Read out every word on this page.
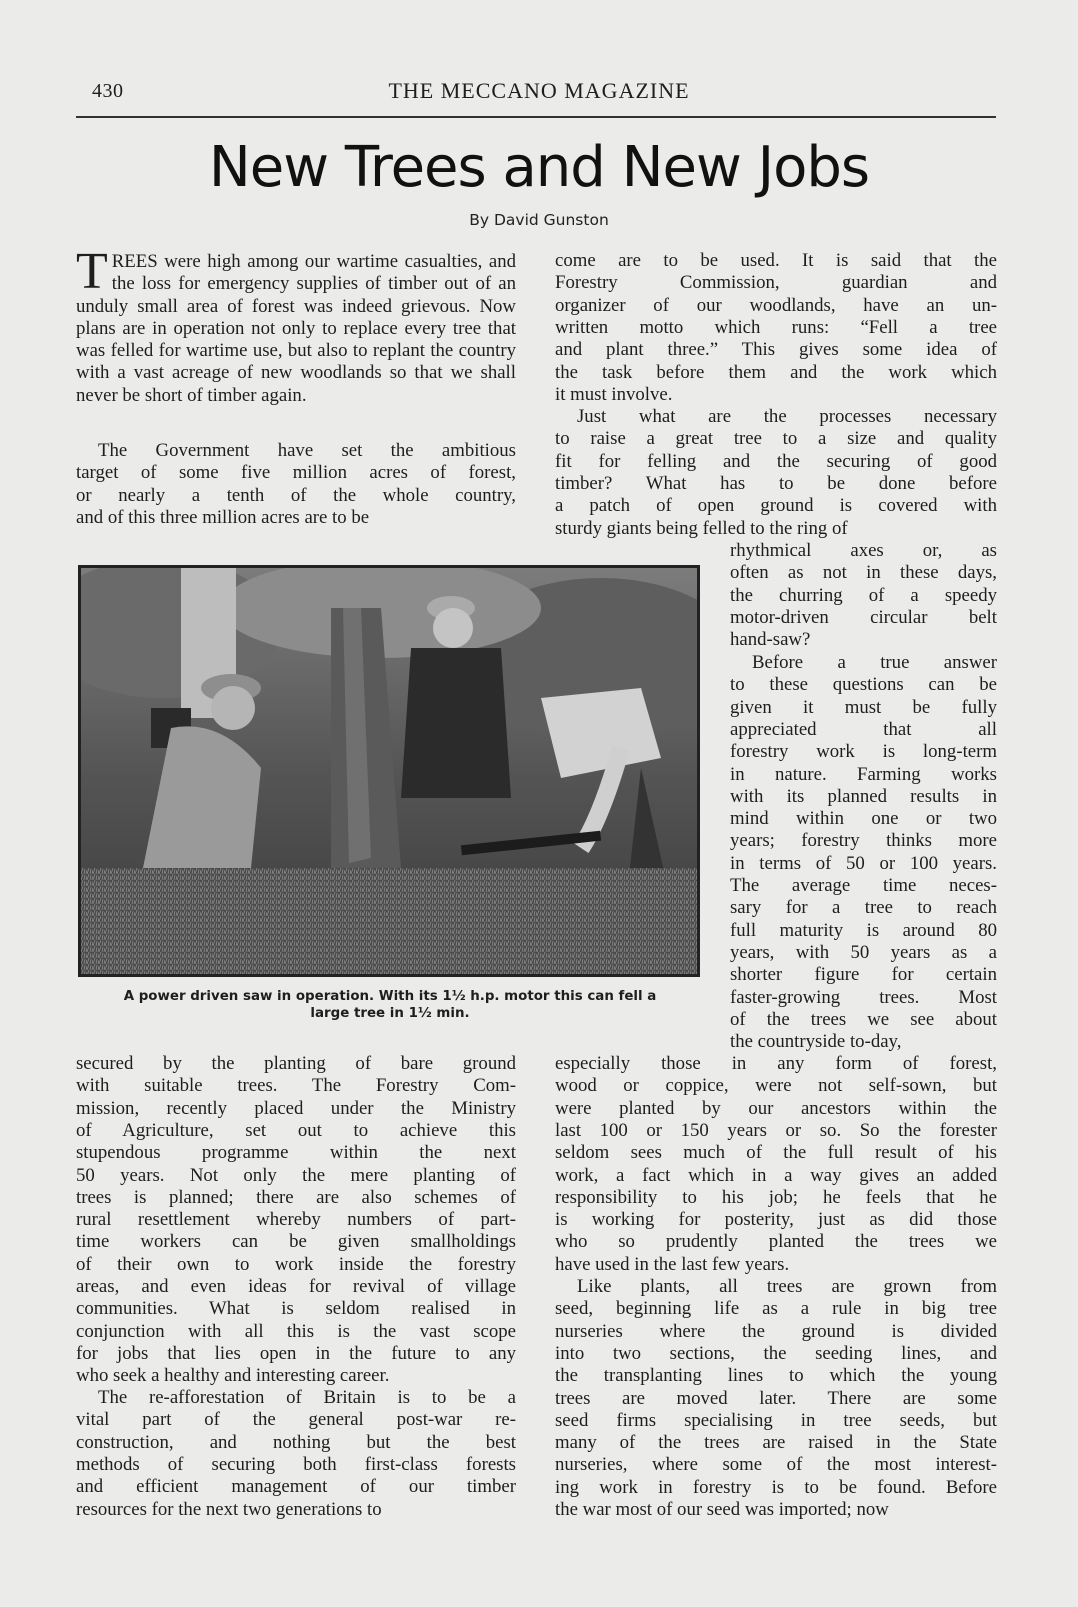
430	THE MECCANO MAGAZINE
New Trees and New Jobs
By David Gunston
T REES were high among our wartime casualties, and the loss for emergency supplies of timber out of an unduly small area of forest was indeed grievous. Now plans are in operation not only to replace every tree that was felled for wartime use, but also to replant the country with a vast acreage of new woodlands so that we shall never be short of timber again.

The Government have set the ambitious

target of some five million acres of forest,

or nearly a tenth of the whole country,

and of this three million acres are to be

come are to be used. It is said that the

Forestry Commission, guardian and

organizer of our woodlands, have an un-

written motto which runs: “Fell a tree

and plant three.” This gives some idea of

the task before them and the work which

it must involve.

Just what are the processes necessary

to raise a great tree to a size and quality

fit for felling and the securing of good

timber? What has to be done before

a patch of open ground is covered with

sturdy giants being felled to the ring of

rhythmical axes or, as

often as not in these days,

the churring of a speedy

motor-driven circular belt

hand-saw?

Before a true answer

to these questions can be

given it must be fully

appreciated that all

forestry work is long-term

in nature. Farming works

with its planned results in

mind within one or two

years; forestry thinks more

in terms of 50 or 100 years.

The average time neces-

sary for a tree to reach

full maturity is around 80

years, with 50 years as a

shorter figure for certain

faster-growing trees. Most

of the trees we see about

the countryside to-day,

A power driven saw in operation. With its 1½ h.p. motor this can fell a
large tree in 1½ min.

secured by the planting of bare ground

with suitable trees. The Forestry Com-

mission, recently placed under the Ministry

of Agriculture, set out to achieve this

stupendous programme within the next

50 years. Not only the mere planting of

trees is planned; there are also schemes of

rural resettlement whereby numbers of part-

time workers can be given smallholdings

of their own to work inside the forestry

areas, and even ideas for revival of village

communities. What is seldom realised in

conjunction with all this is the vast scope

for jobs that lies open in the future to any

who seek a healthy and interesting career.

The re-afforestation of Britain is to be a

vital part of the general post-war re-

construction, and nothing but the best

methods of securing both first-class forests

and efficient management of our timber

resources for the next two generations to

especially those in any form of forest,

wood or coppice, were not self-sown, but

were planted by our ancestors within the

last 100 or 150 years or so. So the forester

seldom sees much of the full result of his

work, a fact which in a way gives an added

responsibility to his job; he feels that he

is working for posterity, just as did those

who so prudently planted the trees we

have used in the last few years.

Like plants, all trees are grown from

seed, beginning life as a rule in big tree

nurseries where the ground is divided

into two sections, the seeding lines, and

the transplanting lines to which the young

trees are moved later. There are some

seed firms specialising in tree seeds, but

many of the trees are raised in the State

nurseries, where some of the most interest-

ing work in forestry is to be found. Before

the war most of our seed was imported; now
